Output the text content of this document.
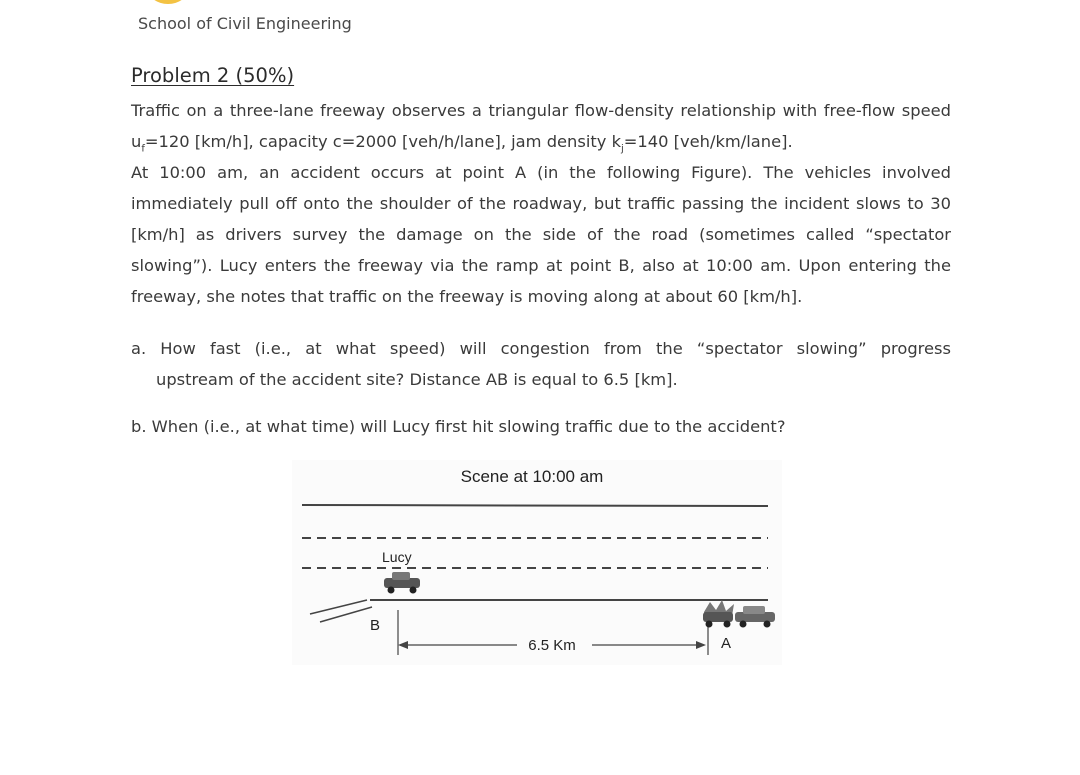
School of Civil Engineering
Problem 2 (50%)
Traffic on a three-lane freeway observes a triangular flow-density relationship with free-flow speed $u_f=120$ [km/h], capacity c=2000 [veh/h/lane], jam density $k_j=140$ [veh/km/lane].
At 10:00 am, an accident occurs at point A (in the following Figure). The vehicles involved immediately pull off onto the shoulder of the roadway, but traffic passing the incident slows to 30 [km/h] as drivers survey the damage on the side of the road (sometimes called “spectator slowing”). Lucy enters the freeway via the ramp at point B, also at 10:00 am. Upon entering the freeway, she notes that traffic on the freeway is moving along at about 60 [km/h].
a. How fast (i.e., at what speed) will congestion from the “spectator slowing” progress
upstream of the accident site? Distance AB is equal to 6.5 [km].
b. When (i.e., at what time) will Lucy first hit slowing traffic due to the accident?
Scene at 10:00 am
Lucy
B
6.5 Km	A
